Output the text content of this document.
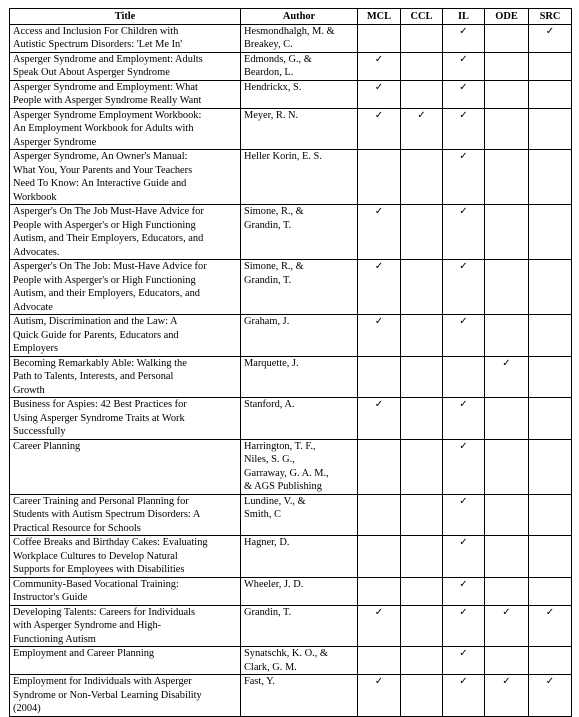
Title	Author	MCL	CCL	IL	ODE	SRC
Access and Inclusion For Children with
Autistic Spectrum Disorders: 'Let Me In'	Hesmondhalgh, M. &
Breakey, C.			✓		✓
Asperger Syndrome and Employment: Adults
Speak Out About Asperger Syndrome	Edmonds, G., &
Beardon, L.	✓		✓		
Asperger Syndrome and Employment: What
People with Asperger Syndrome Really Want	Hendrickx, S.	✓		✓		
Asperger Syndrome Employment Workbook:
An Employment Workbook for Adults with
Asperger Syndrome	Meyer, R. N.	✓	✓	✓		
Asperger Syndrome, An Owner's Manual:
What You, Your Parents and Your Teachers
Need To Know: An Interactive Guide and
Workbook	Heller Korin, E. S.			✓		
Asperger's On The Job Must-Have Advice for
People with Asperger's or High Functioning
Autism, and Their Employers, Educators, and
Advocates.	Simone, R., &
Grandin, T.	✓		✓		
Asperger's On The Job: Must-Have Advice for
People with Asperger's or High Functioning
Autism, and their Employers, Educators, and
Advocate	Simone, R., &
Grandin, T.	✓		✓		
Autism, Discrimination and the Law: A
Quick Guide for Parents, Educators and
Employers	Graham, J.	✓		✓		
Becoming Remarkably Able: Walking the
Path to Talents, Interests, and Personal
Growth	Marquette, J.				✓	
Business for Aspies: 42 Best Practices for
Using Asperger Syndrome Traits at Work
Successfully	Stanford, A.	✓		✓		
Career Planning	Harrington, T. F.,
Niles, S. G.,
Garraway, G. A. M.,
& AGS Publishing			✓		
Career Training and Personal Planning for
Students with Autism Spectrum Disorders: A
Practical Resource for Schools	Lundine, V., &
Smith, C			✓		
Coffee Breaks and Birthday Cakes: Evaluating
Workplace Cultures to Develop Natural
Supports for Employees with Disabilities	Hagner, D.			✓		
Community-Based Vocational Training:
Instructor's Guide	Wheeler, J. D.			✓		
Developing Talents: Careers for Individuals
with Asperger Syndrome and High-
Functioning Autism	Grandin, T.	✓		✓	✓	✓
Employment and Career Planning	Synatschk, K. O., &
Clark, G. M.			✓		
Employment for Individuals with Asperger
Syndrome or Non-Verbal Learning Disability
(2004)	Fast, Y.	✓		✓	✓	✓
